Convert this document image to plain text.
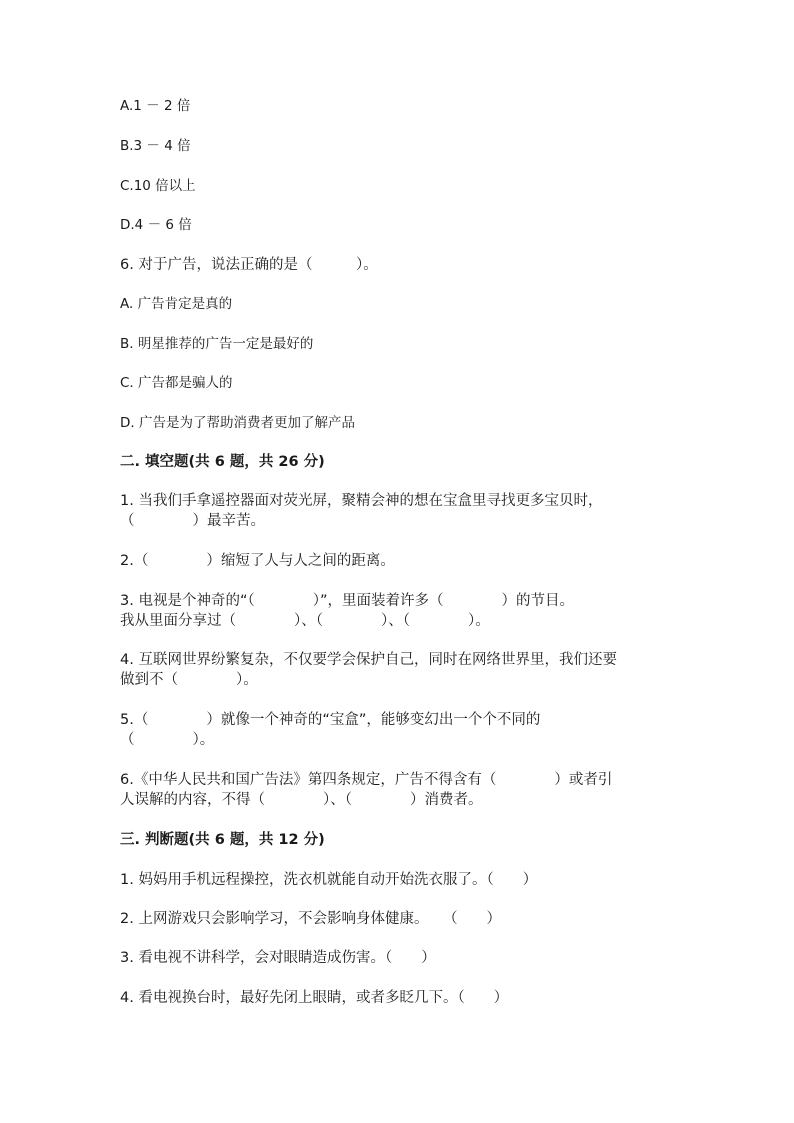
A.1 － 2 倍

B.3 － 4 倍

C.10 倍以上

D.4 － 6 倍

6. 对于广告，说法正确的是（　　　）。

A. 广告肯定是真的

B. 明星推荐的广告一定是最好的

C. 广告都是骗人的

D. 广告是为了帮助消费者更加了解产品

二. 填空题(共 6 题，共 26 分)

1. 当我们手拿遥控器面对荧光屏，聚精会神的想在宝盒里寻找更多宝贝时，

（　　　　）最辛苦。

2.（　　　　）缩短了人与人之间的距离。

3. 电视是个神奇的“（　　　　）”，里面装着许多（　　　　）的节目。

我从里面分享过（　　　　）、（　　　　）、（　　　　）。

4. 互联网世界纷繁复杂，不仅要学会保护自己，同时在网络世界里，我们还要

做到不（　　　　）。

5.（　　　　）就像一个神奇的“宝盒”，能够变幻出一个个不同的

（　　　　）。

6.《中华人民共和国广告法》第四条规定，广告不得含有（　　　　）或者引

人误解的内容，不得（　　　　）、（　　　　）消费者。

三. 判断题(共 6 题，共 12 分)

1. 妈妈用手机远程操控，洗衣机就能自动开始洗衣服了。（　　）

2. 上网游戏只会影响学习，不会影响身体健康。　　（　　）

3. 看电视不讲科学，会对眼睛造成伤害。（　　）

4. 看电视换台时，最好先闭上眼睛，或者多眨几下。（　　）
